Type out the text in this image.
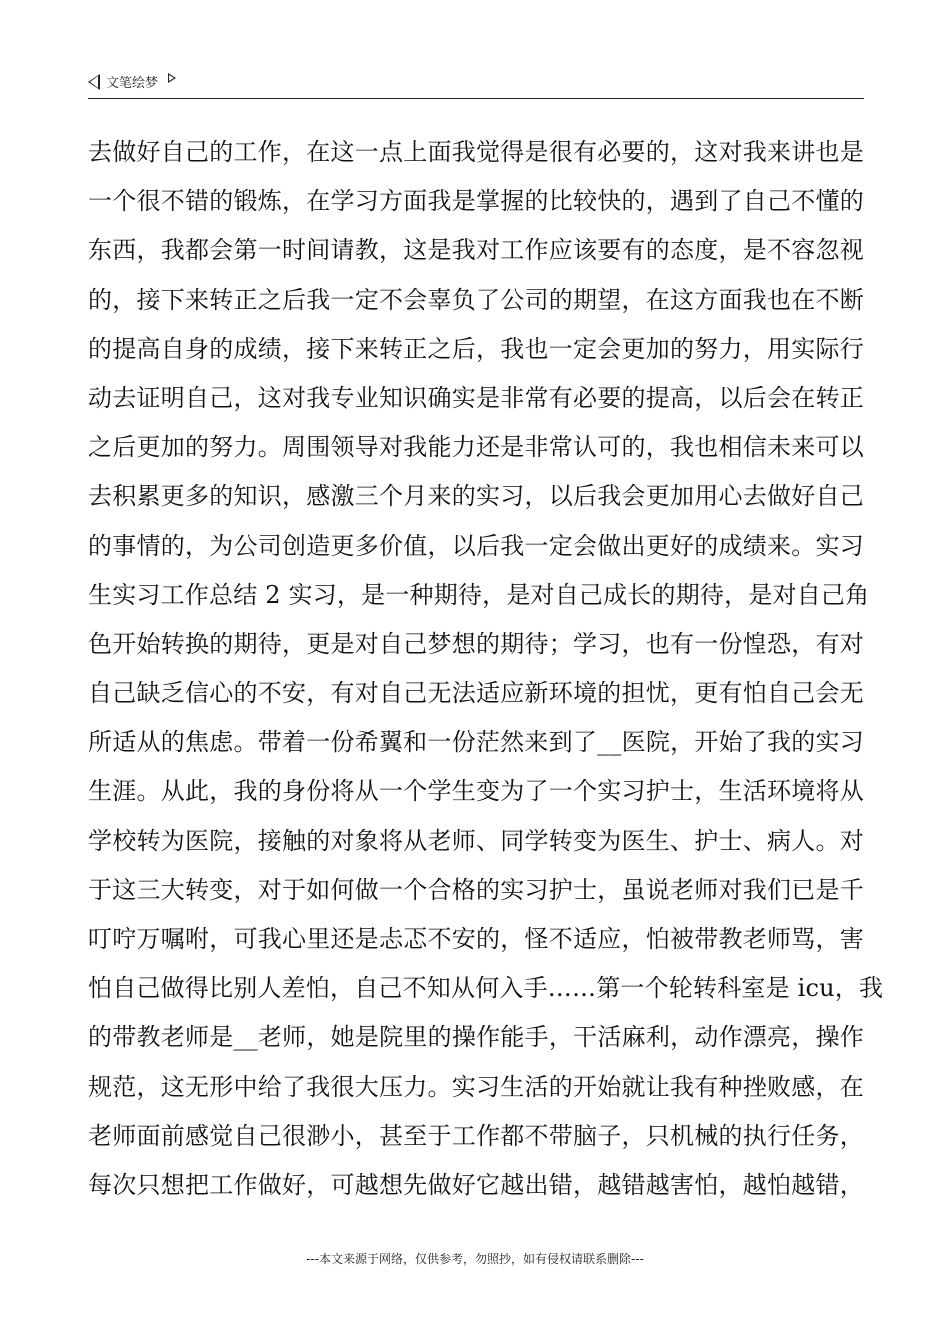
文笔绘梦
去做好自己的工作，在这一点上面我觉得是很有必要的，这对我来讲也是
一个很不错的锻炼，在学习方面我是掌握的比较快的，遇到了自己不懂的
东西，我都会第一时间请教，这是我对工作应该要有的态度，是不容忽视
的，接下来转正之后我一定不会辜负了公司的期望，在这方面我也在不断
的提高自身的成绩，接下来转正之后，我也一定会更加的努力，用实际行
动去证明自己，这对我专业知识确实是非常有必要的提高，以后会在转正
之后更加的努力。周围领导对我能力还是非常认可的，我也相信未来可以
去积累更多的知识，感激三个月来的实习，以后我会更加用心去做好自己
的事情的，为公司创造更多价值，以后我一定会做出更好的成绩来。实习
生实习工作总结 2 实习，是一种期待，是对自己成长的期待，是对自己角
色开始转换的期待，更是对自己梦想的期待；学习，也有一份惶恐，有对
自己缺乏信心的不安，有对自己无法适应新环境的担忧，更有怕自己会无
所适从的焦虑。带着一份希翼和一份茫然来到了__医院，开始了我的实习
生涯。从此，我的身份将从一个学生变为了一个实习护士，生活环境将从
学校转为医院，接触的对象将从老师、同学转变为医生、护士、病人。对
于这三大转变，对于如何做一个合格的实习护士，虽说老师对我们已是千
叮咛万嘱咐，可我心里还是忐忑不安的，怪不适应，怕被带教老师骂，害
怕自己做得比别人差怕，自己不知从何入手……第一个轮转科室是 icu，我
的带教老师是__老师，她是院里的操作能手，干活麻利，动作漂亮，操作
规范，这无形中给了我很大压力。实习生活的开始就让我有种挫败感，在
老师面前感觉自己很渺小，甚至于工作都不带脑子，只机械的执行任务，
每次只想把工作做好，可越想先做好它越出错，越错越害怕，越怕越错，
---本文来源于网络，仅供参考，勿照抄，如有侵权请联系删除---
